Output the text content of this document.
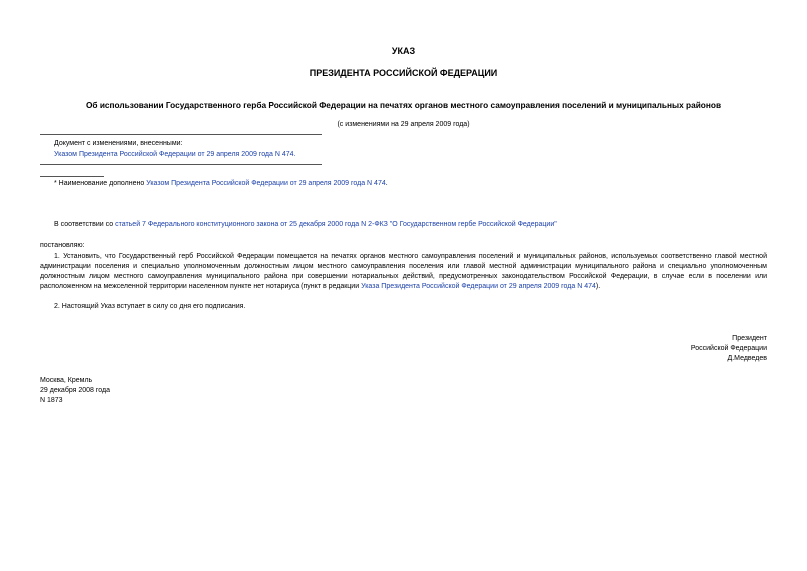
УКАЗ
ПРЕЗИДЕНТА РОССИЙСКОЙ ФЕДЕРАЦИИ
Об использовании Государственного герба Российской Федерации на печатях органов местного самоуправления поселений и муниципальных районов
(с изменениями на 29 апреля 2009 года)
Документ с изменениями, внесенными:
Указом Президента Российской Федерации от 29 апреля 2009 года N 474.
* Наименование дополнено Указом Президента Российской Федерации от 29 апреля 2009 года N 474.
В соответствии со статьей 7 Федерального конституционного закона от 25 декабря 2000 года N 2-ФКЗ "О Государственном гербе Российской Федерации"
постановляю:
1. Установить, что Государственный герб Российской Федерации помещается на печатях органов местного самоуправления поселений и муниципальных районов, используемых соответственно главой местной администрации поселения и специально уполномоченным должностным лицом местного самоуправления поселения или главой местной администрации муниципального района и специально уполномоченным должностным лицом местного самоуправления муниципального района при совершении нотариальных действий, предусмотренных законодательством Российской Федерации, в случае если в поселении или расположенном на межселенной территории населенном пункте нет нотариуса (пункт в редакции Указа Президента Российской Федерации от 29 апреля 2009 года N 474).
2. Настоящий Указ вступает в силу со дня его подписания.
Президент
Российской Федерации
Д.Медведев
Москва, Кремль
29 декабря 2008 года
N 1873
